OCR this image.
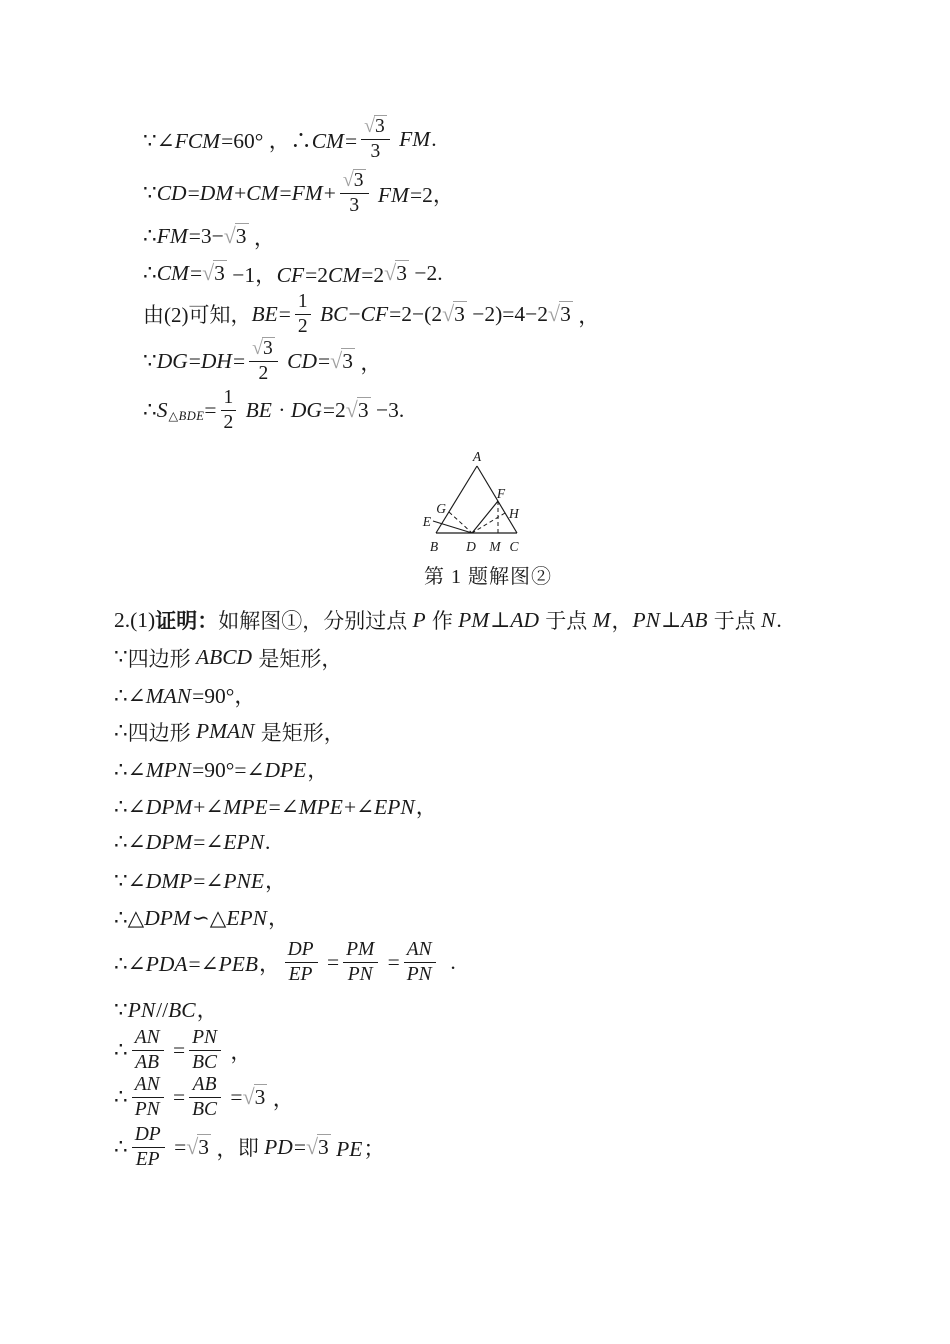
∵∠FCM=60° ，∴CM= $\frac{√3}{3}$ FM.
∵CD=DM+CM=FM+ $\frac{√3}{3} FM=2$，
∴FM=3− √3 ，
∴CM= √3 −1，CF=2CM=2 √3 −2.
由(2)可知， $BE= \frac{1}{2} BC-CF=2-(2$ √3 −2)=4−2 √3 ，
∵DG=DH= $\frac{√3}{2} CD= √3$ ，
∴S △BDE = $\frac{1}{2}$ BE · DG=2 √3 −3.
A
B	C
D M
E
G
F
H
第 1 题解图②
2.(1) 证明： 如解图①，分别过点 P 作 PM⊥AD 于点 M ， PN⊥AB 于点 N.
∵ 四边形 ABCD 是矩形，
∴∠MAN=90°，
∴ 四边形 PMAN 是矩形，
∴∠MPN=90°=∠DPE，
∴∠DPM+∠MPE=∠MPE+∠EPN，
∴∠DPM=∠EPN.
∵∠DMP=∠PNE，
∴△DPM∽△EPN，
∴∠PDA=∠PEB， $\frac{DP}{EP} = \frac{PM}{PN} = \frac{AN}{PN}$ .
∵PN//BC，
∴ $\frac{AN}{AB} = \frac{PN}{BC}$ ，
∴ $\frac{AN}{PN} = \frac{AB}{BC} = √3$ ，
∴ $\frac{DP}{EP} = √3$ ， 即 PD= √3 PE；
